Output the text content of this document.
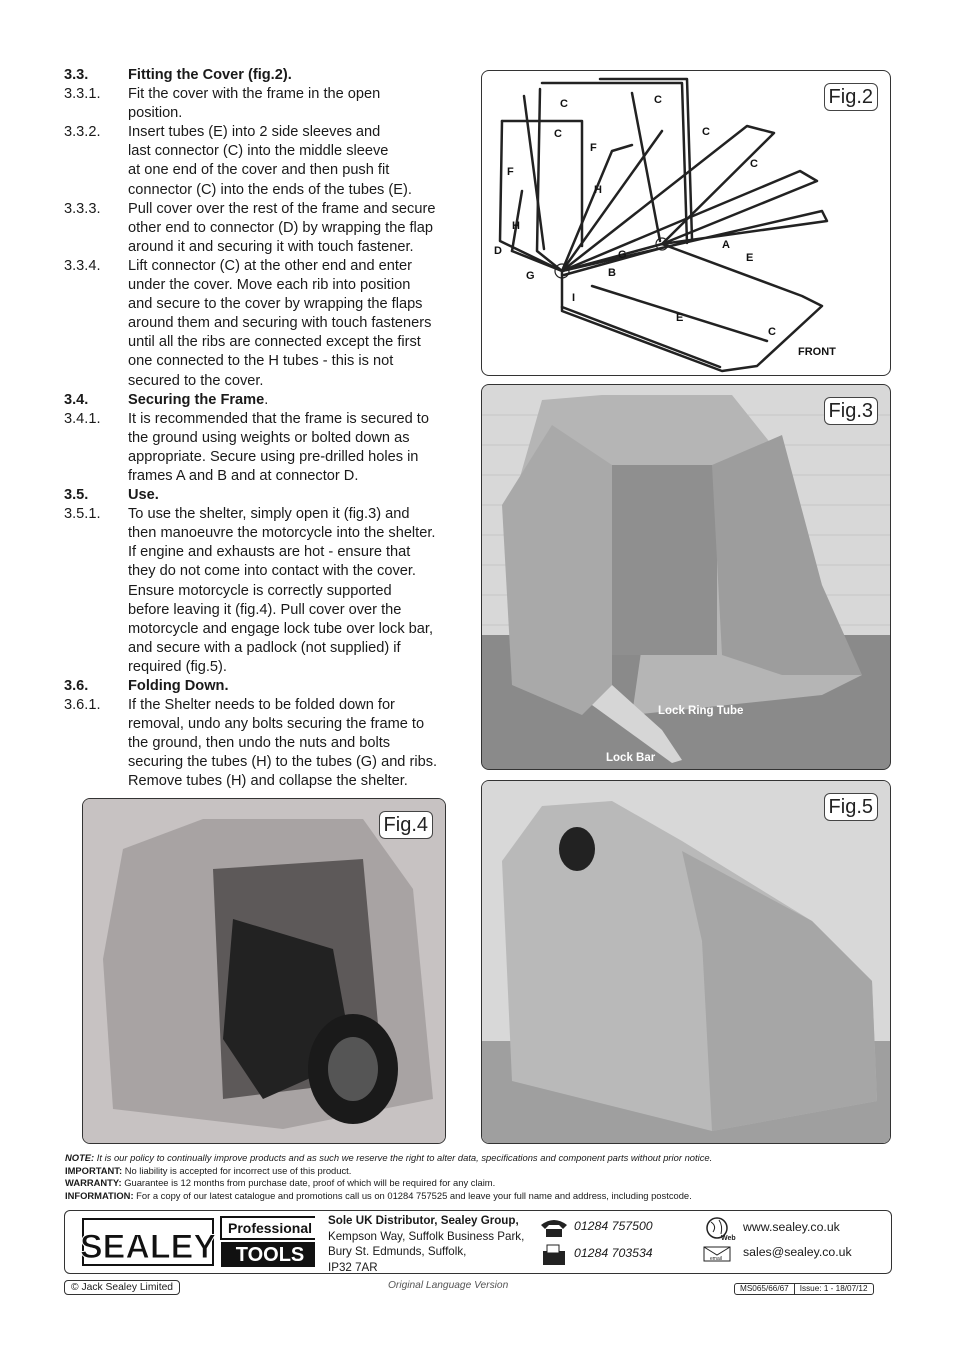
3.3.	Fitting the Cover (fig.2).
3.3.1.	Fit the cover with the frame in the open
position.
3.3.2.	Insert tubes (E) into 2 side sleeves and
last connector (C) into the middle sleeve
at one end of the cover and then push fit
connector (C) into the ends of the tubes (E).
3.3.3.	Pull cover over the rest of the frame and secure
other end to connector (D) by wrapping the flap
around it and securing it with touch fastener.
3.3.4.	Lift connector (C) at the other end and enter
under the cover. Move each rib into position
and secure to the cover by wrapping the flaps
around them and securing with touch fasteners
until all the ribs are connected except the first
one connected to the H tubes - this is not
secured to the cover.
3.4.	Securing the Frame.
3.4.1.	It is recommended that the frame is secured to
the ground using weights or bolted down as
appropriate. Secure using pre-drilled holes in
frames A and B and at connector D.
3.5.	Use.
3.5.1.	To use the shelter, simply open it (fig.3) and
then manoeuvre the motorcycle into the shelter.
If engine and exhausts are hot - ensure that
they do not come into contact with the cover.
Ensure motorcycle is correctly supported
before leaving it (fig.4). Pull cover over the
motorcycle and engage lock tube over lock bar,
and secure with a padlock (not supplied) if
required (fig.5).
3.6.	Folding Down.
3.6.1.	If the Shelter needs to be folded down for
removal, undo any bolts securing the frame to
the ground, then undo the nuts and bolts
securing the tubes (H) to the tubes (G) and ribs.
Remove tubes (H) and collapse the shelter.
C	C
C	C
F
F
C
H
H
D	G
G
A
B
E
I
E
C
FRONT
Fig.2
Fig.3
Lock Ring Tube
Lock Bar
Fig.4
Fig.5
NOTE: It is our policy to continually improve products and as such we reserve the right to alter data, specifications and component parts without prior notice.
IMPORTANT: No liability is accepted for incorrect use of this product.
WARRANTY: Guarantee is 12 months from purchase date, proof of which will be required for any claim.
INFORMATION: For a copy of our latest catalogue and promotions call us on 01284 757525 and leave your full name and address, including postcode.
SEALEY Professional
TOOLS
Sole UK Distributor, Sealey Group,
Kempson Way, Suffolk Business Park,
Bury St. Edmunds, Suffolk,
IP32 7AR
01284 757500
01284 703534
Web
www.sealey.co.uk
email sales@sealey.co.uk
© Jack Sealey Limited	Original Language Version	MS065/66/67	Issue: 1 - 18/07/12
